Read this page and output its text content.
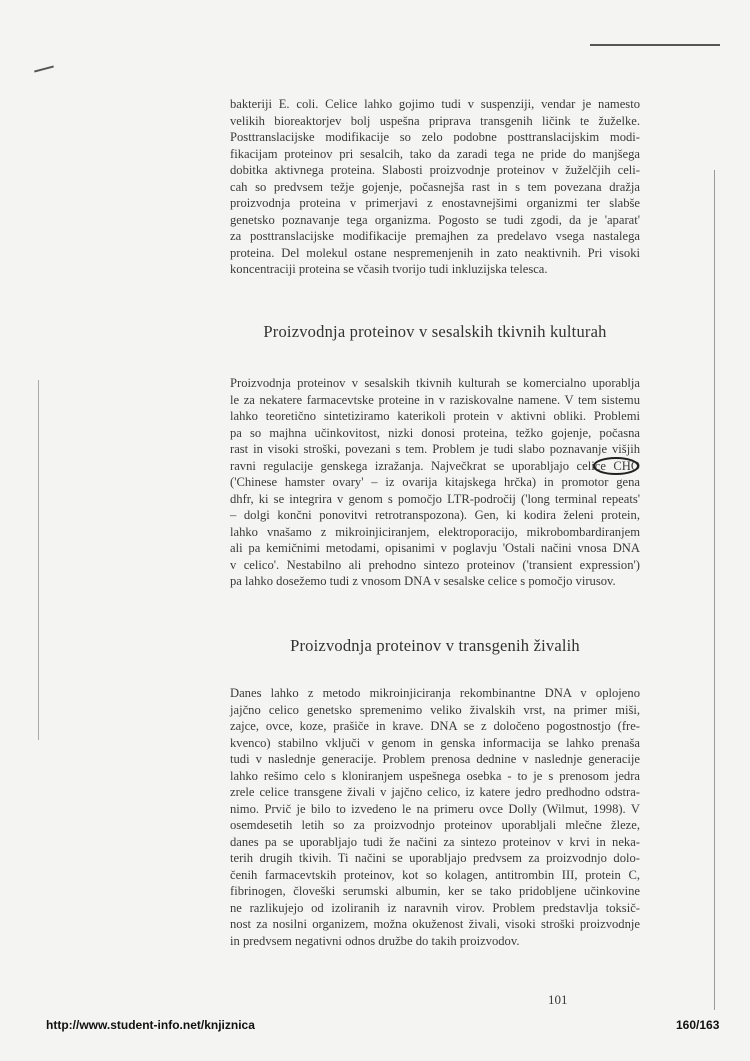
bakteriji E. coli. Celice lahko gojimo tudi v suspenziji, vendar je namesto
velikih bioreaktorjev bolj uspešna priprava transgenih ličink te žuželke.
Posttranslacijske modifikacije so zelo podobne posttranslacijskim modi-
fikacijam proteinov pri sesalcih, tako da zaradi tega ne pride do manjšega
dobitka aktivnega proteina. Slabosti proizvodnje proteinov v žuželčjih celi-
cah so predvsem težje gojenje, počasnejša rast in s tem povezana dražja
proizvodnja proteina v primerjavi z enostavnejšimi organizmi ter slabše
genetsko poznavanje tega organizma. Pogosto se tudi zgodi, da je 'aparat'
za posttranslacijske modifikacije premajhen za predelavo vsega nastalega
proteina. Del molekul ostane nespremenjenih in zato neaktivnih. Pri visoki
koncentraciji proteina se včasih tvorijo tudi inkluzijska telesca.
Proizvodnja proteinov v sesalskih tkivnih kulturah
Proizvodnja proteinov v sesalskih tkivnih kulturah se komercialno uporablja
le za nekatere farmacevtske proteine in v raziskovalne namene. V tem sistemu
lahko teoretično sintetiziramo katerikoli protein v aktivni obliki. Problemi
pa so majhna učinkovitost, nizki donosi proteina, težko gojenje, počasna
rast in visoki stroški, povezani s tem. Problem je tudi slabo poznavanje višjih
ravni regulacije genskega izražanja. Največkrat se uporabljajo celice CHO
('Chinese hamster ovary' – iz ovarija kitajskega hrčka) in promotor gena
dhfr, ki se integrira v genom s pomočjo LTR-področij ('long terminal repeats'
– dolgi končni ponovitvi retrotranspozona). Gen, ki kodira želeni protein,
lahko vnašamo z mikroinjiciranjem, elektroporacijo, mikrobombardiranjem
ali pa kemičnimi metodami, opisanimi v poglavju 'Ostali načini vnosa DNA
v celico'. Nestabilno ali prehodno sintezo proteinov ('transient expression')
pa lahko dosežemo tudi z vnosom DNA v sesalske celice s pomočjo virusov.
Proizvodnja proteinov v transgenih živalih
Danes lahko z metodo mikroinjiciranja rekombinantne DNA v oplojeno
jajčno celico genetsko spremenimo veliko živalskih vrst, na primer miši,
zajce, ovce, koze, prašiče in krave. DNA se z določeno pogostnostjo (fre-
kvenco) stabilno vključi v genom in genska informacija se lahko prenaša
tudi v naslednje generacije. Problem prenosa dednine v naslednje generacije
lahko rešimo celo s kloniranjem uspešnega osebka - to je s prenosom jedra
zrele celice transgene živali v jajčno celico, iz katere jedro predhodno odstra-
nimo. Prvič je bilo to izvedeno le na primeru ovce Dolly (Wilmut, 1998). V
osemdesetih letih so za proizvodnjo proteinov uporabljali mlečne žleze,
danes pa se uporabljajo tudi že načini za sintezo proteinov v krvi in neka-
terih drugih tkivih. Ti načini se uporabljajo predvsem za proizvodnjo dolo-
čenih farmacevtskih proteinov, kot so kolagen, antitrombin III, protein C,
fibrinogen, človeški serumski albumin, ker se tako pridobljene učinkovine
ne razlikujejo od izoliranih iz naravnih virov. Problem predstavlja toksič-
nost za nosilni organizem, možna okuženost živali, visoki stroški proizvodnje
in predvsem negativni odnos družbe do takih proizvodov.
101
http://www.student-info.net/knjiznica	160/163
